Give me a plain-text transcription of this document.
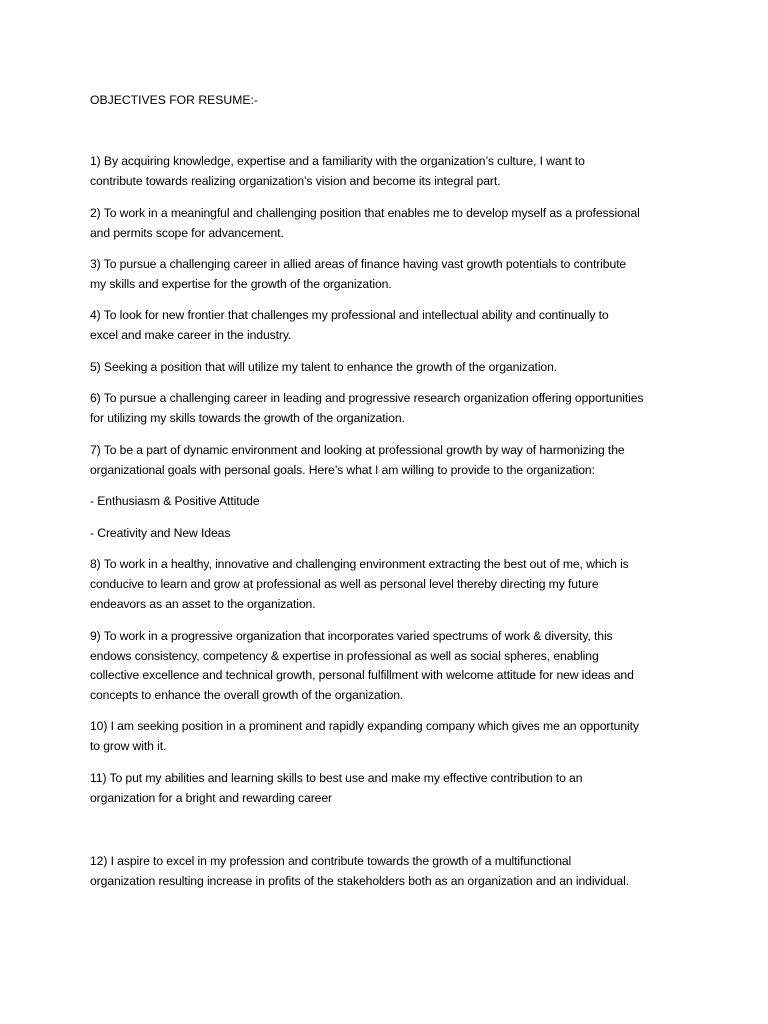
OBJECTIVES FOR RESUME:-

1) By acquiring knowledge, expertise and a familiarity with the organization’s culture, I want to

contribute towards realizing organization’s vision and become its integral part.

2) To work in a meaningful and challenging position that enables me to develop myself as a professional

and permits scope for advancement.

3) To pursue a challenging career in allied areas of finance having vast growth potentials to contribute

my skills and expertise for the growth of the organization.

4) To look for new frontier that challenges my professional and intellectual ability and continually to

excel and make career in the industry.

5) Seeking a position that will utilize my talent to enhance the growth of the organization.

6) To pursue a challenging career in leading and progressive research organization offering opportunities

for utilizing my skills towards the growth of the organization.

7) To be a part of dynamic environment and looking at professional growth by way of harmonizing the

organizational goals with personal goals. Here’s what I am willing to provide to the organization:

- Enthusiasm & Positive Attitude

- Creativity and New Ideas

8) To work in a healthy, innovative and challenging environment extracting the best out of me, which is

conducive to learn and grow at professional as well as personal level thereby directing my future

endeavors as an asset to the organization.

9) To work in a progressive organization that incorporates varied spectrums of work & diversity, this

endows consistency, competency & expertise in professional as well as social spheres, enabling

collective excellence and technical growth, personal fulfillment with welcome attitude for new ideas and

concepts to enhance the overall growth of the organization.

10) I am seeking position in a prominent and rapidly expanding company which gives me an opportunity

to grow with it.

11) To put my abilities and learning skills to best use and make my effective contribution to an

organization for a bright and rewarding career

12) I aspire to excel in my profession and contribute towards the growth of a multifunctional

organization resulting increase in profits of the stakeholders both as an organization and an individual.
